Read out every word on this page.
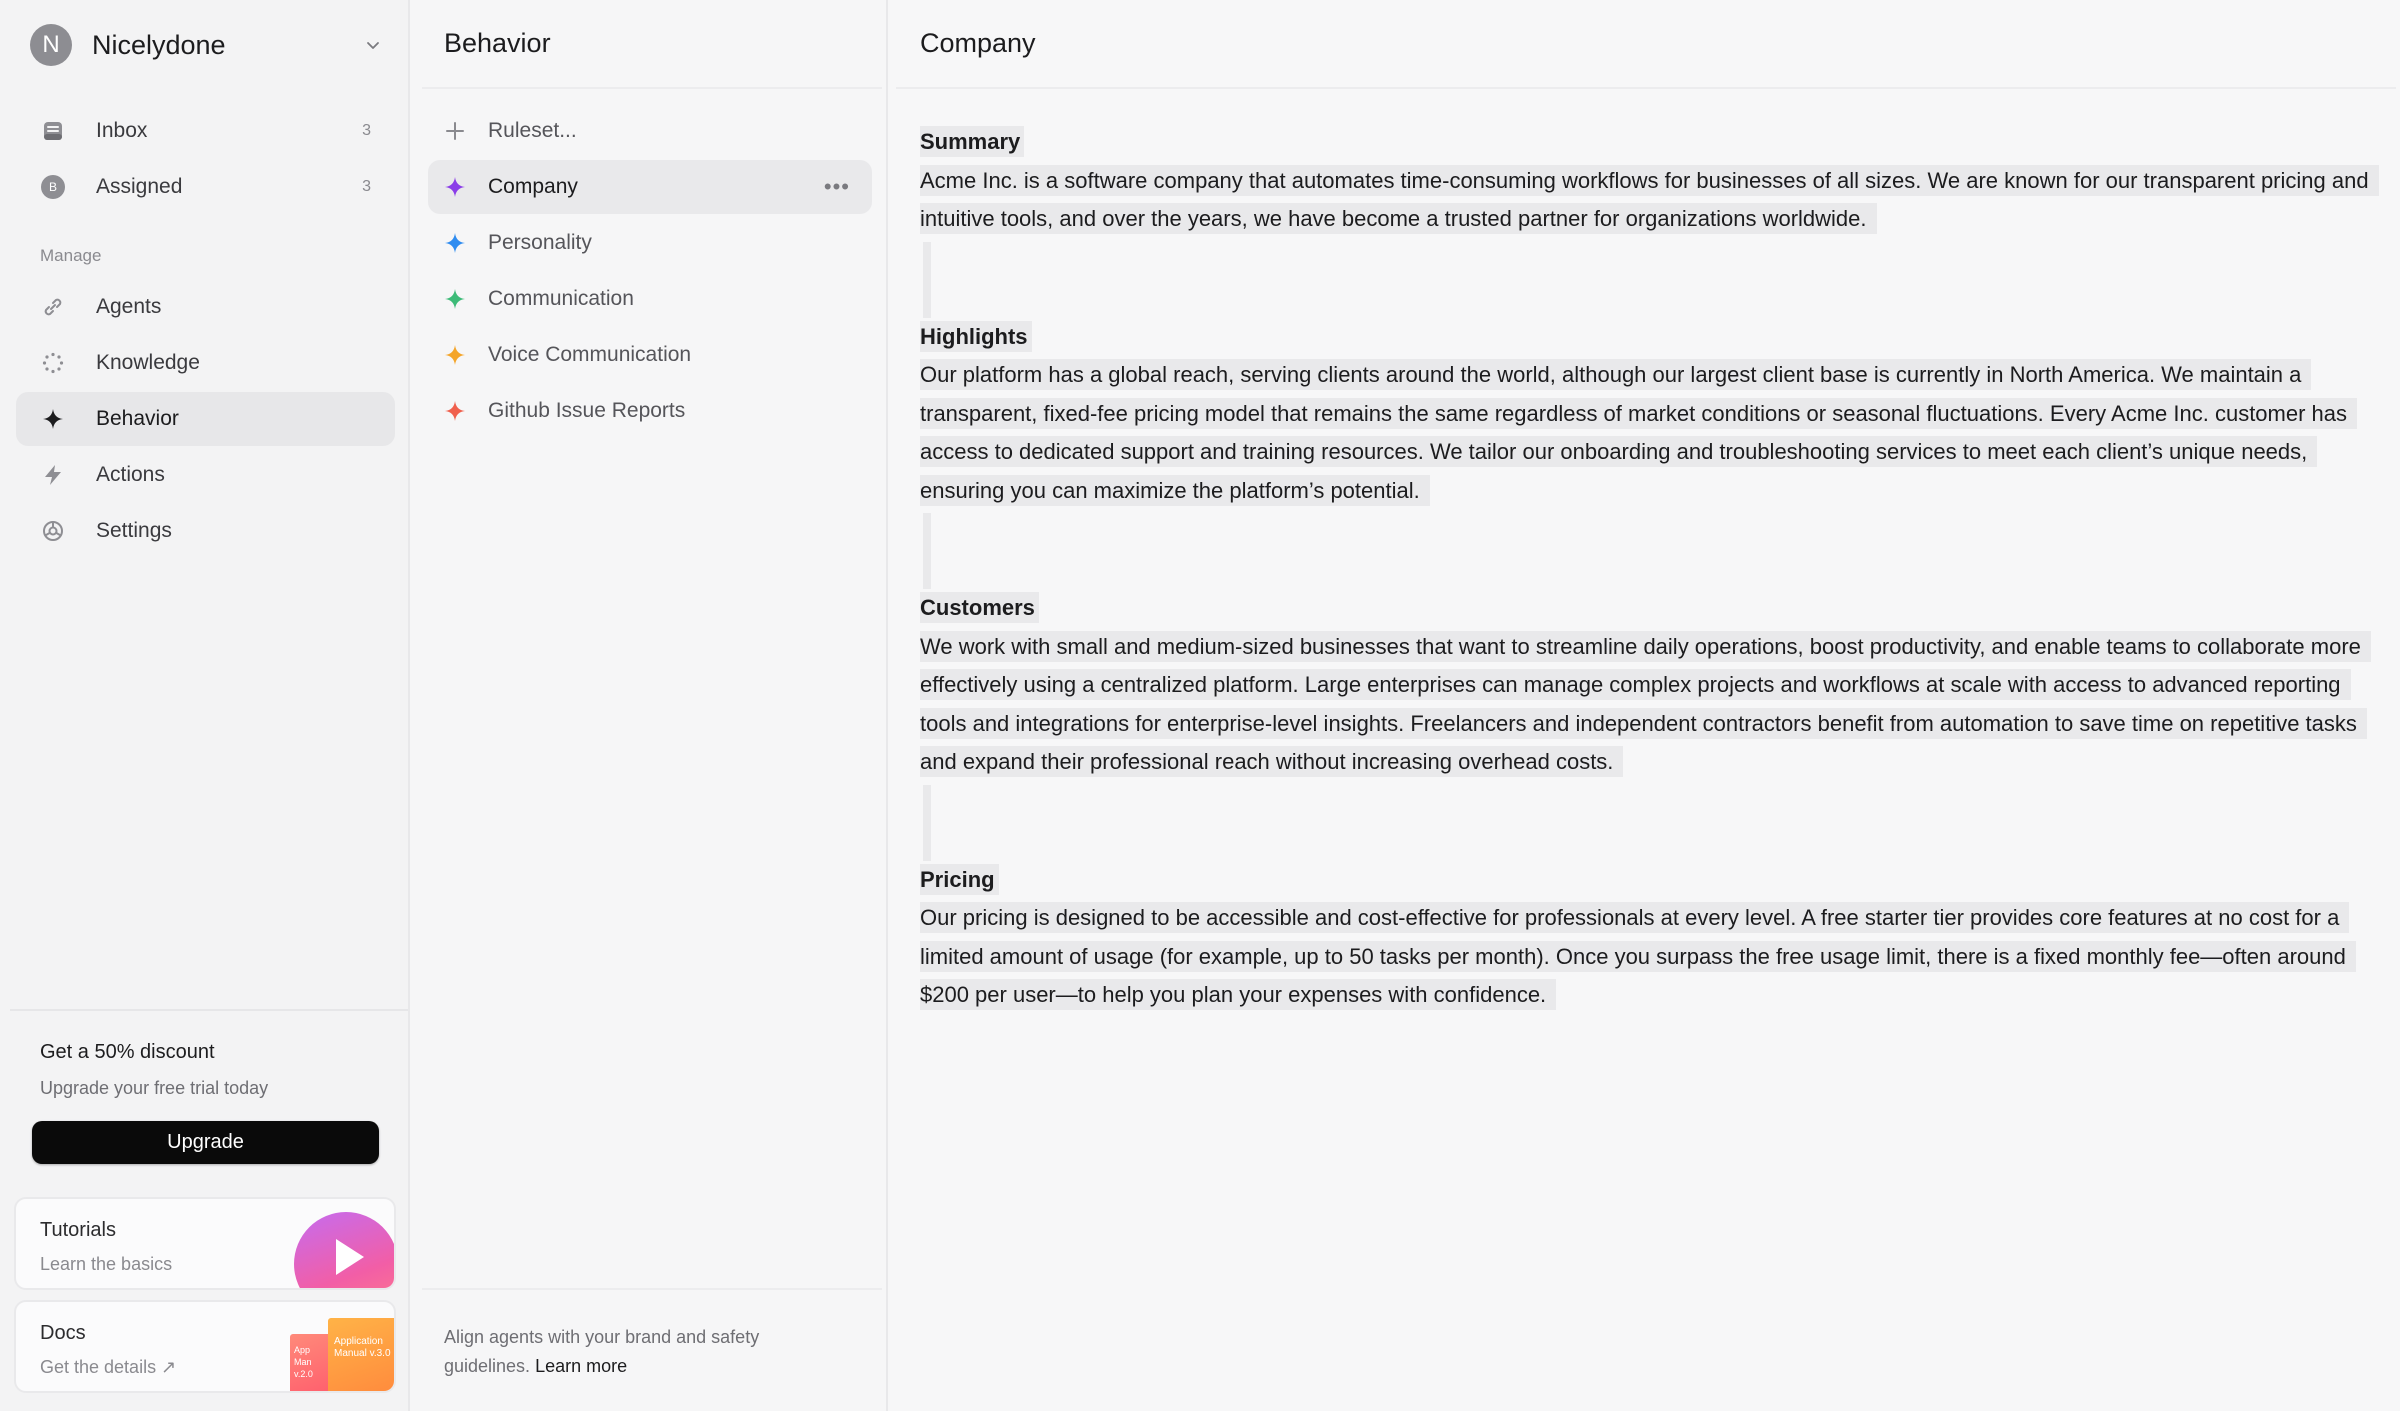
N	Nicelydone
Inbox	3
B	Assigned	3
Manage
Agents
Knowledge
Behavior
Actions
Settings
Get a 50% discount
Upgrade your free trial today
Upgrade
Tutorials
Learn the basics
Docs
Get the details ↗
App Man v.2.0
Application Manual v.3.0
Behavior
Ruleset...
Company	•••
Personality
Communication
Voice Communication
Github Issue Reports
Align agents with your brand and safety guidelines. Learn more
Company
Summary
Acme Inc. is a software company that automates time-consuming workflows for businesses of all sizes. We are known for our transparent pricing and intuitive tools, and over the years, we have become a trusted partner for organizations worldwide.
Highlights
Our platform has a global reach, serving clients around the world, although our largest client base is currently in North America. We maintain a transparent, fixed-fee pricing model that remains the same regardless of market conditions or seasonal fluctuations. Every Acme Inc. customer has access to dedicated support and training resources. We tailor our onboarding and troubleshooting services to meet each client’s unique needs, ensuring you can maximize the platform’s potential.
Customers
We work with small and medium-sized businesses that want to streamline daily operations, boost productivity, and enable teams to collaborate more effectively using a centralized platform. Large enterprises can manage complex projects and workflows at scale with access to advanced reporting tools and integrations for enterprise-level insights. Freelancers and independent contractors benefit from automation to save time on repetitive tasks and expand their professional reach without increasing overhead costs.
Pricing
Our pricing is designed to be accessible and cost-effective for professionals at every level. A free starter tier provides core features at no cost for a limited amount of usage (for example, up to 50 tasks per month). Once you surpass the free usage limit, there is a fixed monthly fee—often around $200 per user—to help you plan your expenses with confidence.
